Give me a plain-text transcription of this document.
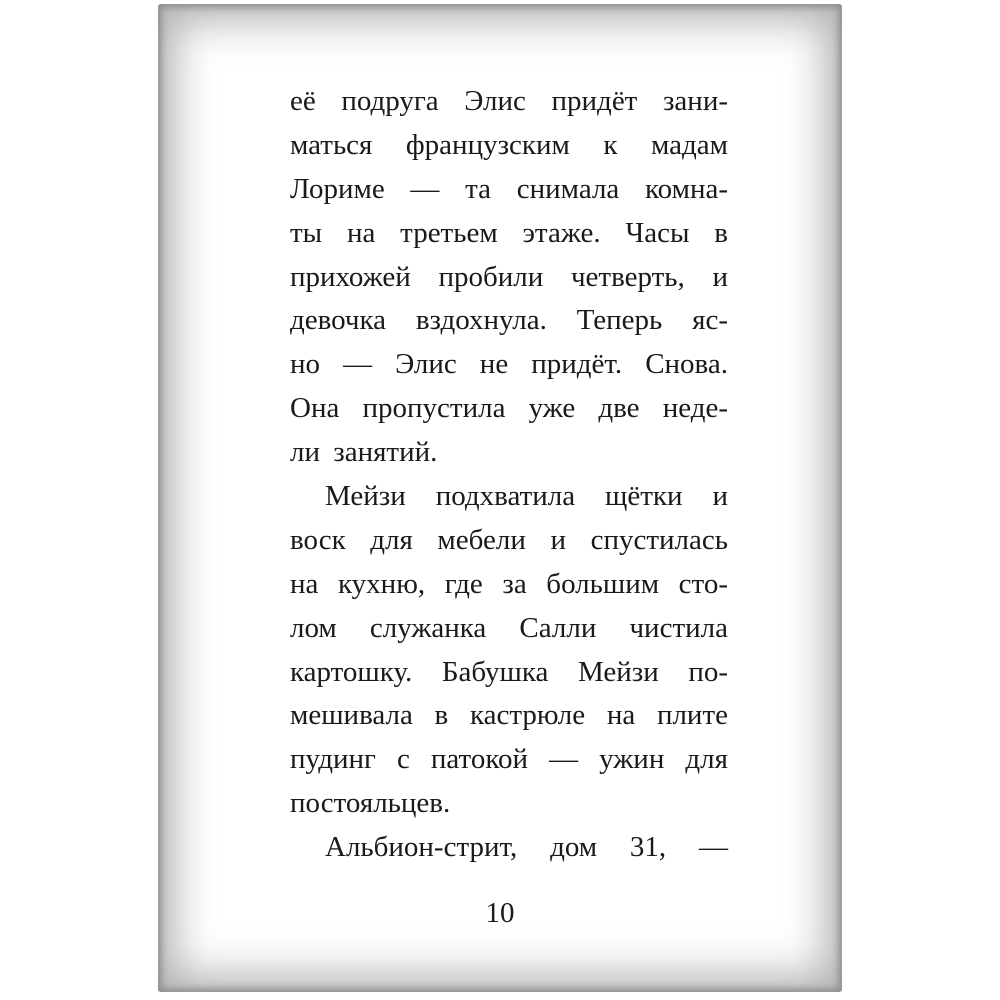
её подруга Элис придёт зани-
маться французским к мадам
Лориме — та снимала комна-
ты на третьем этаже. Часы в
прихожей пробили четверть, и
девочка вздохнула. Теперь яс-
но — Элис не придёт. Снова.
Она пропустила уже две неде-
ли занятий.
Мейзи подхватила щётки и
воск для мебели и спустилась
на кухню, где за большим сто-
лом служанка Салли чистила
картошку. Бабушка Мейзи по-
мешивала в кастрюле на плите
пудинг с патокой — ужин для
постояльцев.
Альбион-стрит, дом 31, —
10
